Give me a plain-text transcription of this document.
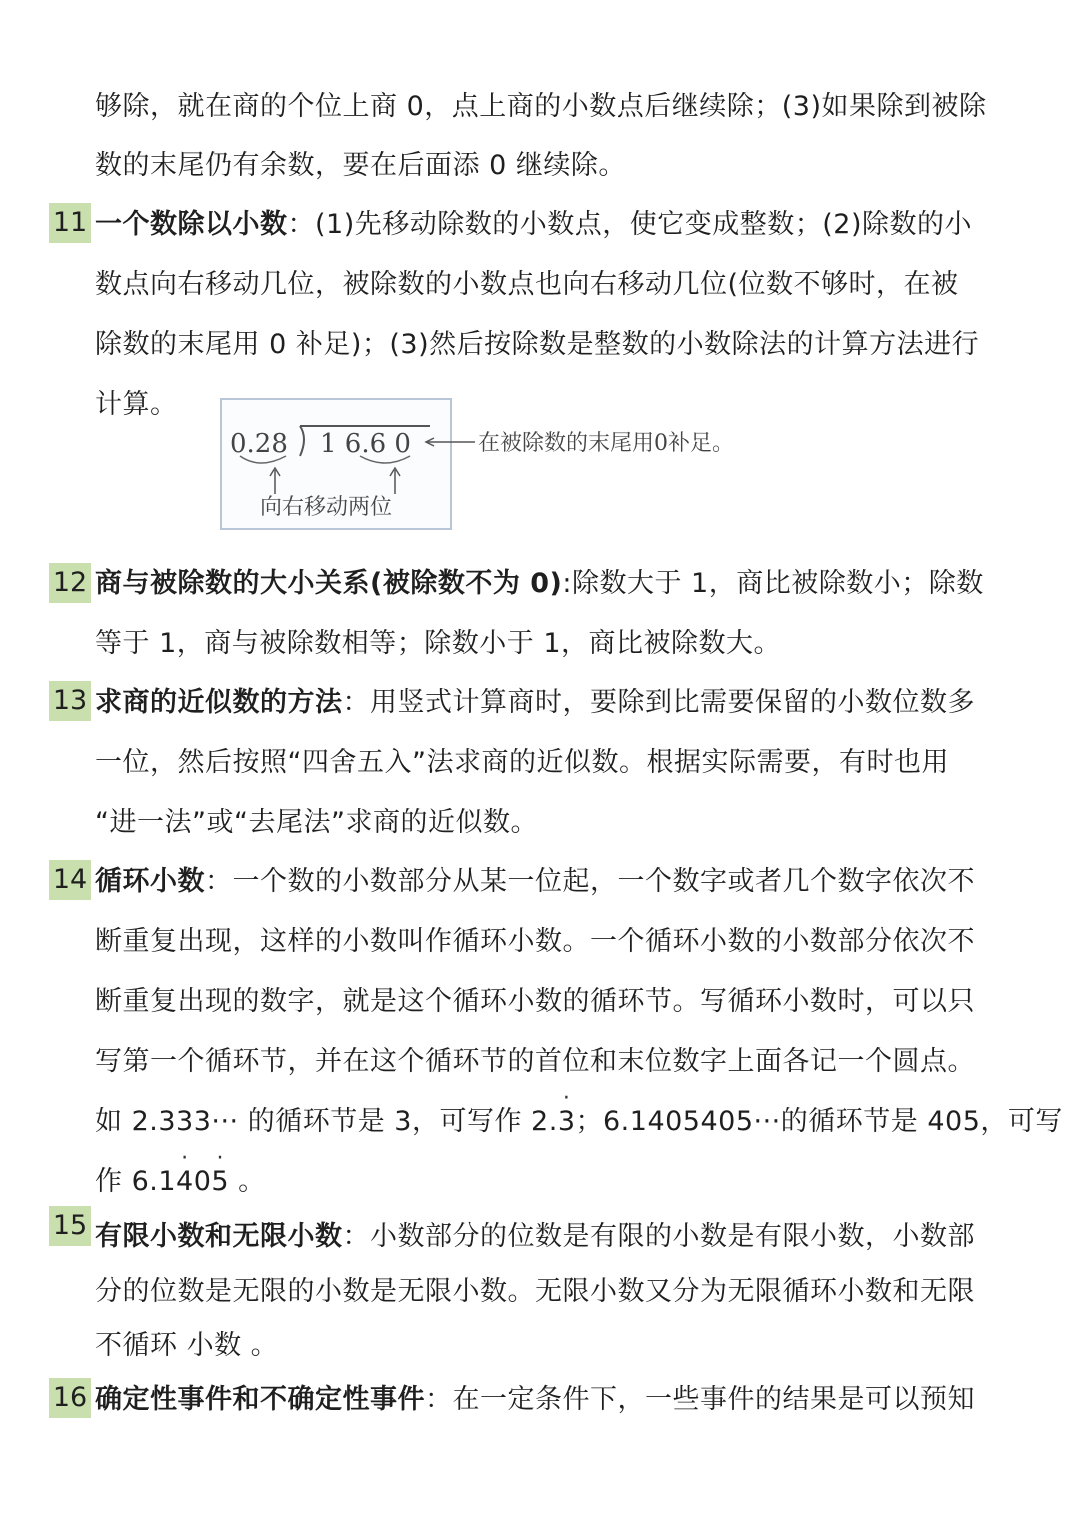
够除，就在商的个位上商 0，点上商的小数点后继续除；(3)如果除到被除
数的末尾仍有余数，要在后面添 0 继续除。
11 一个数除以小数：(1)先移动除数的小数点，使它变成整数；(2)除数的小
数点向右移动几位，被除数的小数点也向右移动几位(位数不够时，在被
除数的末尾用 0 补足)；(3)然后按除数是整数的小数除法的计算方法进行
计算。
0.28 1 6.6 0
向右移动两位
在被除数的末尾用0补足。
12 商与被除数的大小关系(被除数不为 0):除数大于 1，商比被除数小；除数
等于 1，商与被除数相等；除数小于 1，商比被除数大。
13 求商的近似数的方法：用竖式计算商时，要除到比需要保留的小数位数多
一位，然后按照“四舍五入”法求商的近似数。根据实际需要，有时也用
“进一法”或“去尾法”求商的近似数。
14 循环小数：一个数的小数部分从某一位起，一个数字或者几个数字依次不
断重复出现，这样的小数叫作循环小数。一个循环小数的小数部分依次不
断重复出现的数字，就是这个循环小数的循环节。写循环小数时，可以只
写第一个循环节，并在这个循环节的首位和末位数字上面各记一个圆点。
如 2.333··· 的循环节是 3，可写作 2.· 3；6.1405405···的循环节是 405，可写
作 6.1· 40· 5 。
15 有限小数和无限小数：小数部分的位数是有限的小数是有限小数，小数部
分的位数是无限的小数是无限小数。无限小数又分为无限循环小数和无限
不循环 小数 。
16 确定性事件和不确定性事件：在一定条件下，一些事件的结果是可以预知
